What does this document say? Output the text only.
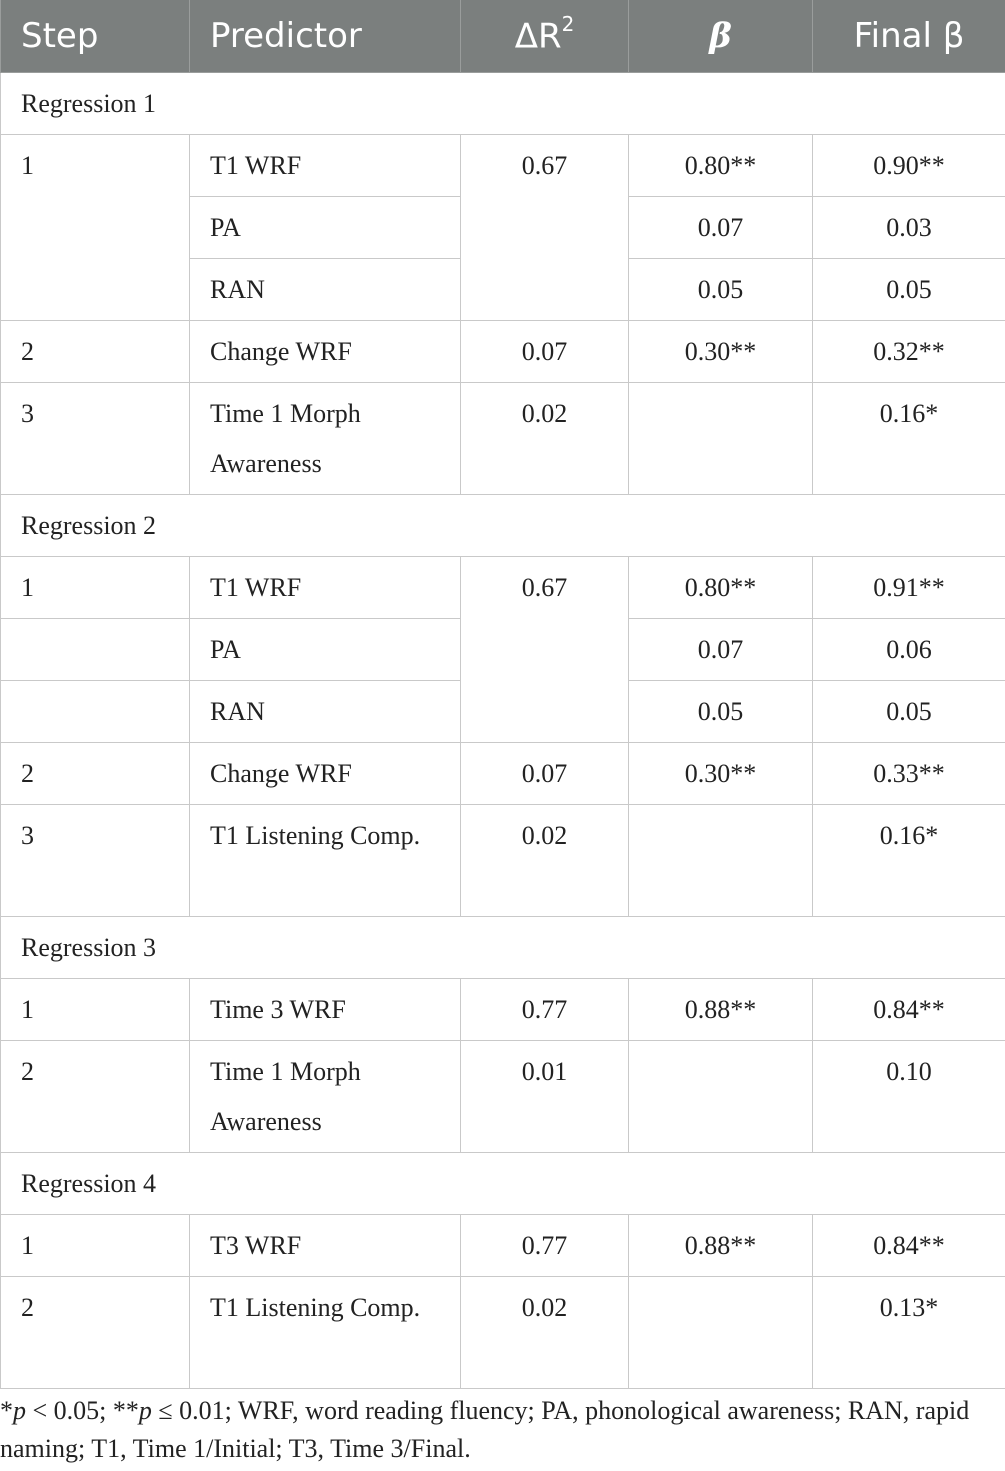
Step	Predictor	$\Delta R^2$	β	Final β
Regression 1				
1	T1 WRF	0.67	0.80**	0.90**
	PA		0.07	0.03
	RAN		0.05	0.05
2	Change WRF	0.07	0.30**	0.32**
3	Time 1 Morph Awareness	0.02		0.16*
Regression 2				
1	T1 WRF	0.67	0.80**	0.91**
	PA		0.07	0.06
	RAN		0.05	0.05
2	Change WRF	0.07	0.30**	0.33**
3	T1 Listening Comp.	0.02		0.16*
Regression 3				
1	Time 3 WRF	0.77	0.88**	0.84**
2	Time 1 Morph Awareness	0.01		0.10
Regression 4				
1	T3 WRF	0.77	0.88**	0.84**
2	T1 Listening Comp.	0.02		0.13*
*p < 0.05; **p ≤ 0.01; WRF, word reading fluency; PA, phonological awareness; RAN, rapid naming; T1, Time 1/Initial; T3, Time 3/Final.
